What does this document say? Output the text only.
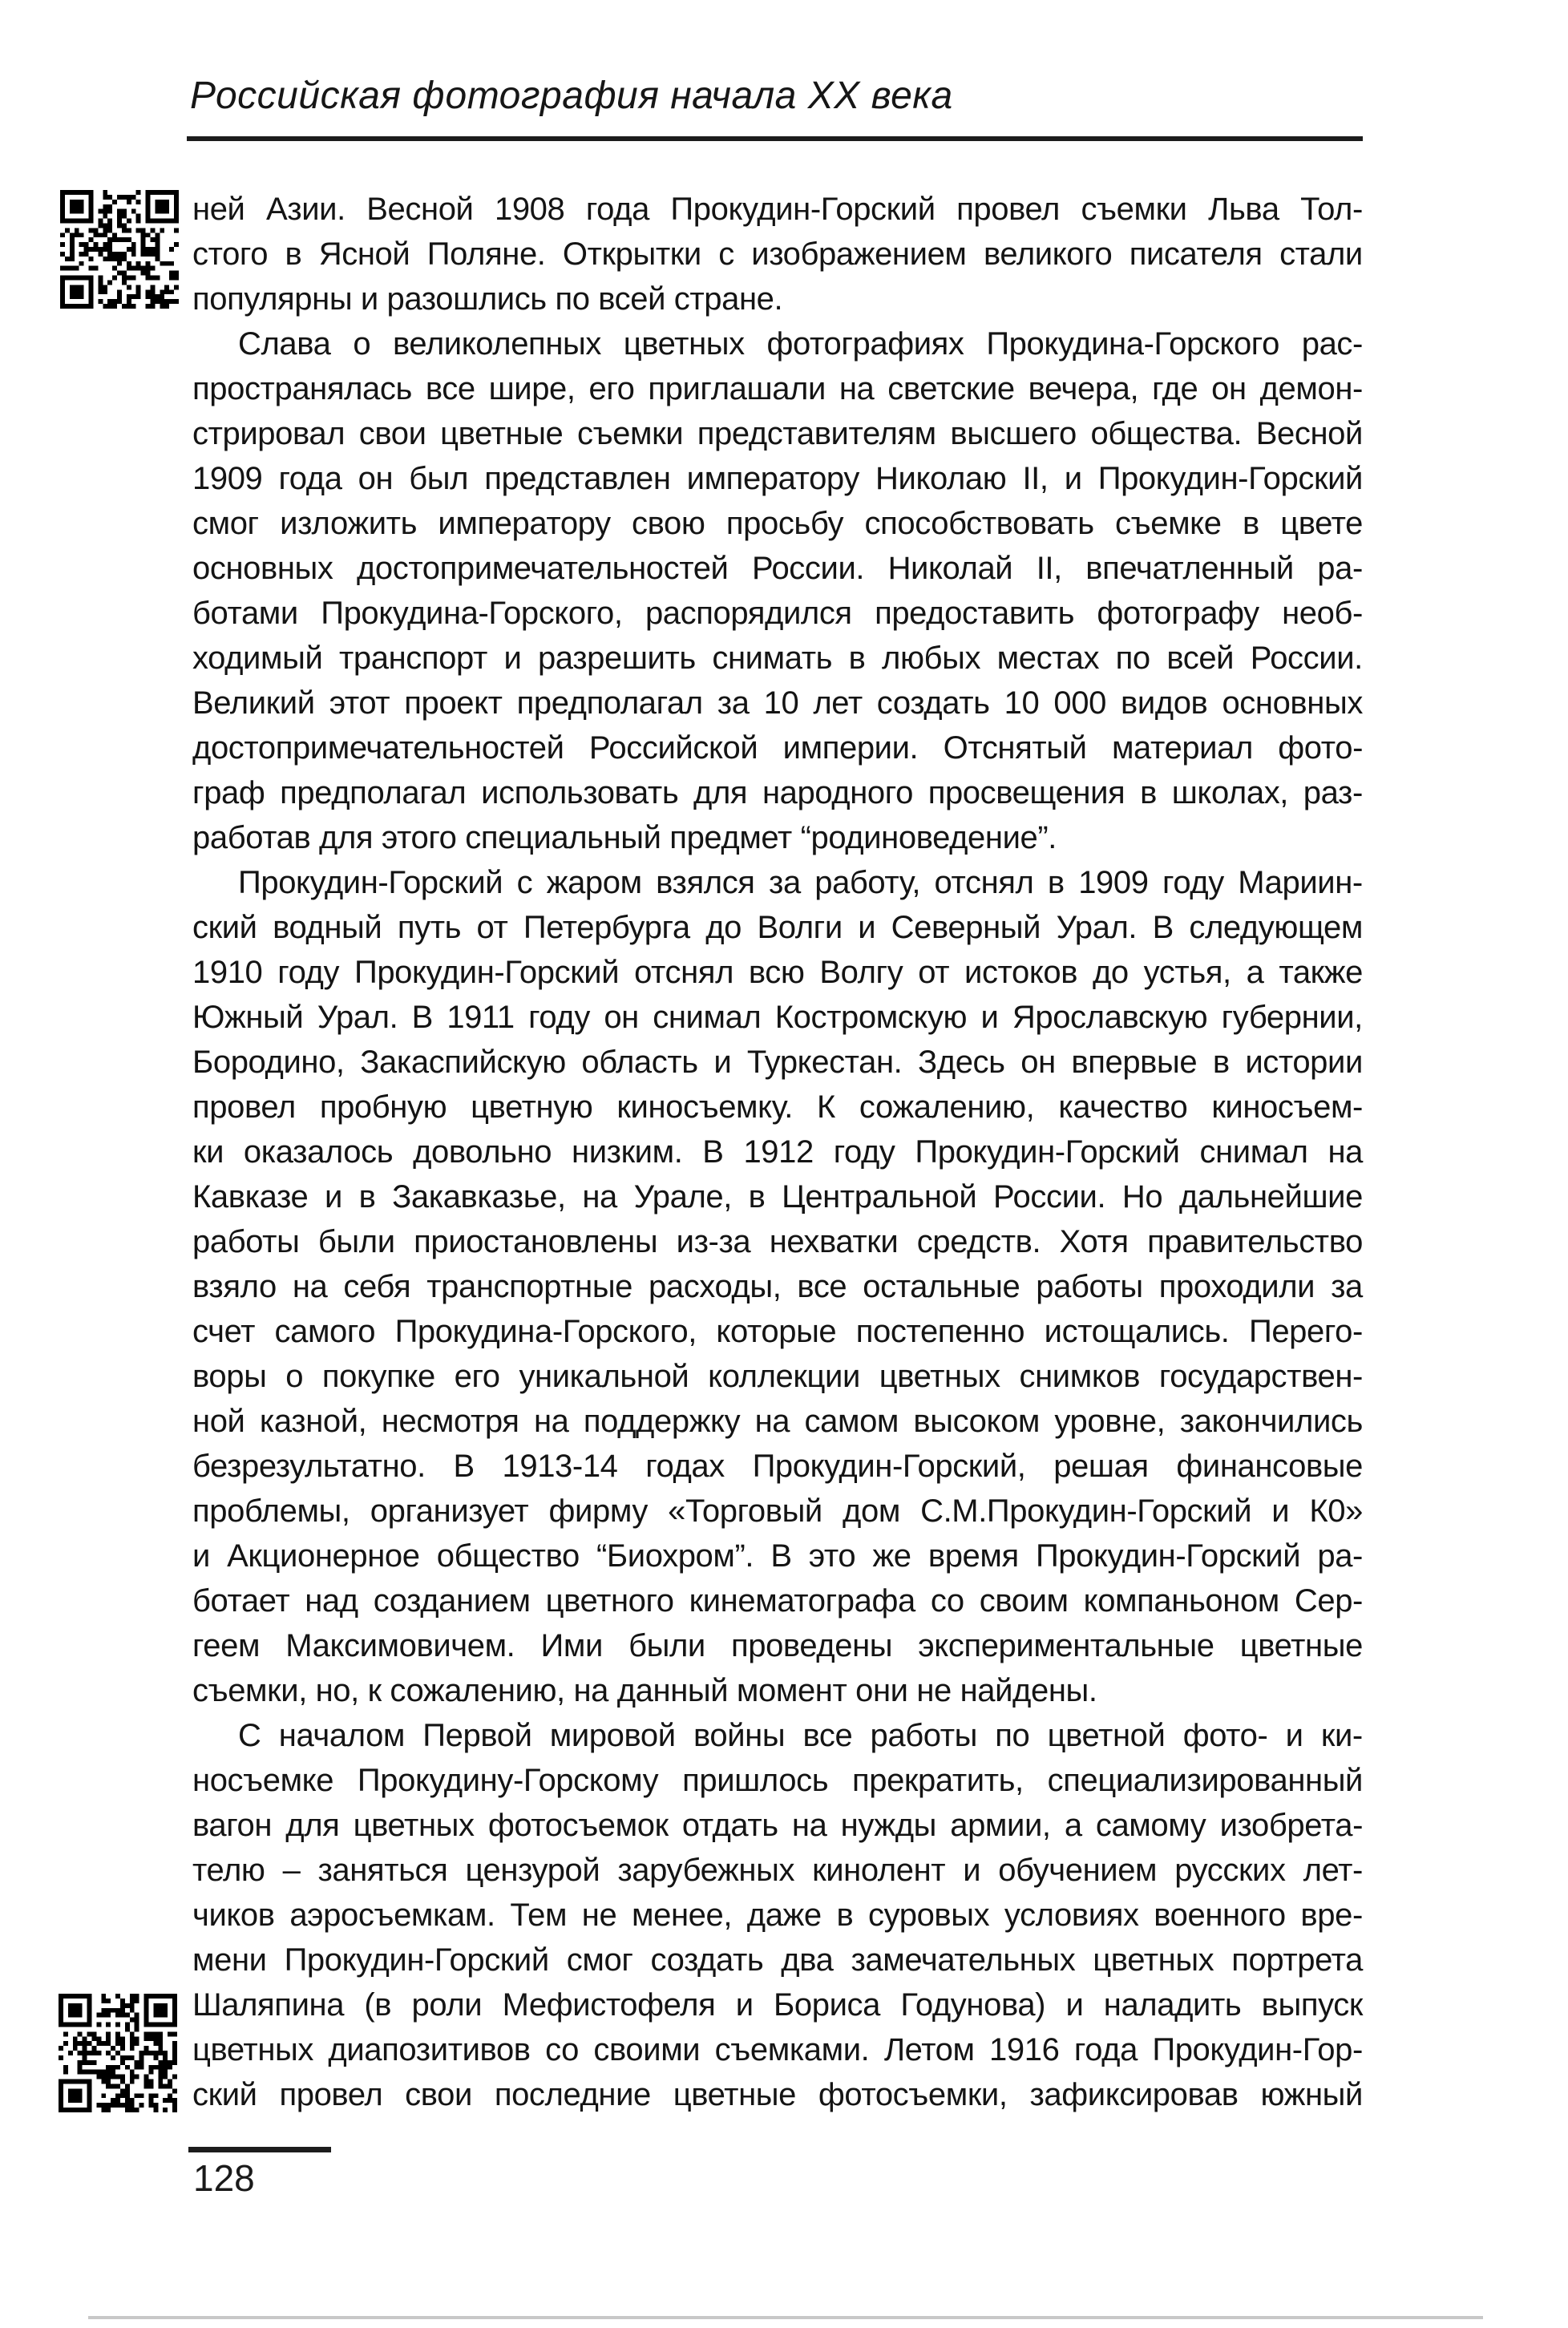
Российская фотография начала XX века
ней Азии. Весной 1908 года Прокудин-Горский провел съемки Льва Тол-
стого в Ясной Поляне. Открытки с изображением великого писателя стали
популярны и разошлись по всей стране.
Слава о великолепных цветных фотографиях Прокудина-Горского рас-
пространялась все шире, его приглашали на светские вечера, где он демон-
стрировал свои цветные съемки представителям высшего общества. Весной
1909 года он был представлен императору Николаю II, и Прокудин-Горский
смог изложить императору свою просьбу способствовать съемке в цвете
основных достопримечательностей России. Николай II, впечатленный ра-
ботами Прокудина-Горского, распорядился предоставить фотографу необ-
ходимый транспорт и разрешить снимать в любых местах по всей России.
Великий этот проект предполагал за 10 лет создать 10 000 видов основных
достопримечательностей Российской империи. Отснятый материал фото-
граф предполагал использовать для народного просвещения в школах, раз-
работав для этого специальный предмет “родиноведение”.
Прокудин-Горский с жаром взялся за работу, отснял в 1909 году Мариин-
ский водный путь от Петербурга до Волги и Северный Урал. В следующем
1910 году Прокудин-Горский отснял всю Волгу от истоков до устья, а также
Южный Урал. В 1911 году он снимал Костромскую и Ярославскую губернии,
Бородино, Закаспийскую область и Туркестан. Здесь он впервые в истории
провел пробную цветную киносъемку. К сожалению, качество киносъем-
ки оказалось довольно низким. В 1912 году Прокудин-Горский снимал на
Кавказе и в Закавказье, на Урале, в Центральной России. Но дальнейшие
работы были приостановлены из-за нехватки средств. Хотя правительство
взяло на себя транспортные расходы, все остальные работы проходили за
счет самого Прокудина-Горского, которые постепенно истощались. Перего-
воры о покупке его уникальной коллекции цветных снимков государствен-
ной казной, несмотря на поддержку на самом высоком уровне, закончились
безрезультатно. В 1913-14 годах Прокудин-Горский, решая финансовые
проблемы, организует фирму «Торговый дом С.М.Прокудин-Горский и К0»
и Акционерное общество “Биохром”. В это же время Прокудин-Горский ра-
ботает над созданием цветного кинематографа со своим компаньоном Сер-
геем Максимовичем. Ими были проведены экспериментальные цветные
съемки, но, к сожалению, на данный момент они не найдены.
С началом Первой мировой войны все работы по цветной фото- и ки-
носъемке Прокудину-Горскому пришлось прекратить, специализированный
вагон для цветных фотосъемок отдать на нужды армии, а самому изобрета-
телю – заняться цензурой зарубежных кинолент и обучением русских лет-
чиков аэросъемкам. Тем не менее, даже в суровых условиях военного вре-
мени Прокудин-Горский смог создать два замечательных цветных портрета
Шаляпина (в роли Мефистофеля и Бориса Годунова) и наладить выпуск
цветных диапозитивов со своими съемками. Летом 1916 года Прокудин-Гор-
ский провел свои последние цветные фотосъемки, зафиксировав южный
128
